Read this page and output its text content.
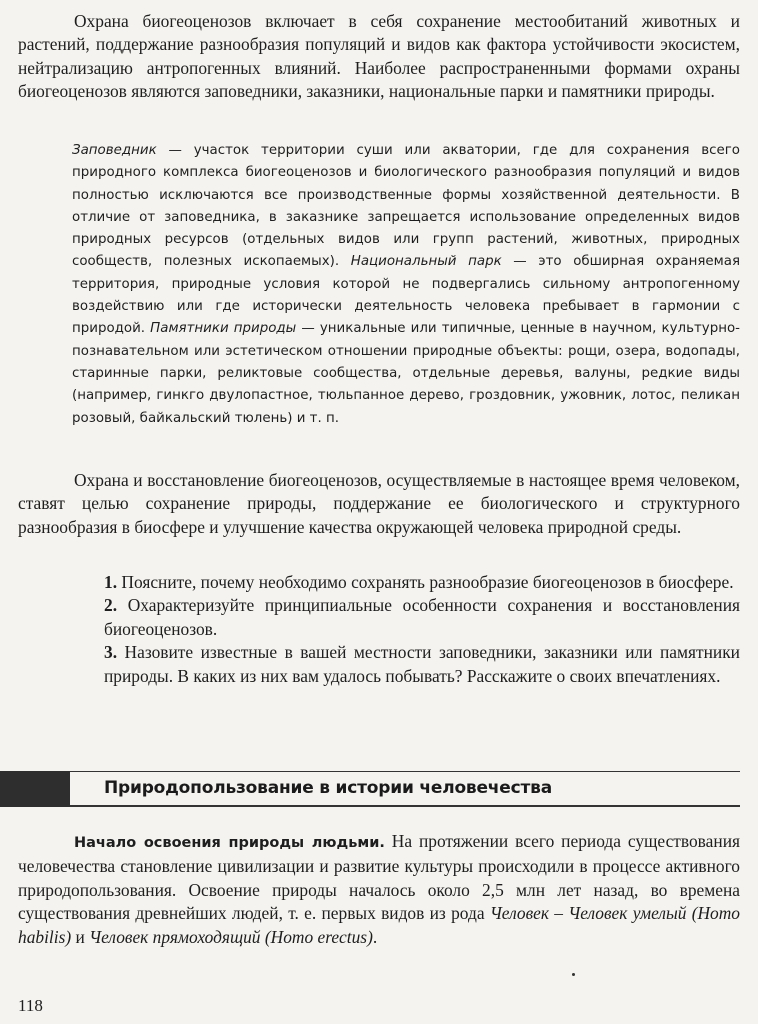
Охрана биогеоценозов включает в себя сохранение местообитаний животных и растений, поддержание разнообразия популяций и видов как фактора устойчивости экосистем, нейтрализацию антропогенных влияний. Наиболее распространенными формами охраны биогеоценозов являются заповедники, заказники, национальные парки и памятники природы.
Заповедник — участок территории суши или акватории, где для сохранения всего природного комплекса биогеоценозов и биологического разнообразия популяций и видов полностью исключаются все производственные формы хозяйственной деятельности. В отличие от заповедника, в заказнике запрещается использование определенных видов природных ресурсов (отдельных видов или групп растений, животных, природных сообществ, полезных ископаемых). Национальный парк — это обширная охраняемая территория, природные условия которой не подвергались сильному антропогенному воздействию или где исторически деятельность человека пребывает в гармонии с природой. Памятники природы — уникальные или типичные, ценные в научном, культурно-познавательном или эстетическом отношении природные объекты: рощи, озера, водопады, старинные парки, реликтовые сообщества, отдельные деревья, валуны, редкие виды (например, гинкго двулопастное, тюльпанное дерево, гроздовник, ужовник, лотос, пеликан розовый, байкальский тюлень) и т. п.
Охрана и восстановление биогеоценозов, осуществляемые в настоящее время человеком, ставят целью сохранение природы, поддержание ее биологического и структурного разнообразия в биосфере и улучшение качества окружающей человека природной среды.

1. Поясните, почему необходимо сохранять разнообразие биогеоценозов в биосфере.

2. Охарактеризуйте принципиальные особенности сохранения и восстановления биогеоценозов.

3. Назовите известные в вашей местности заповедники, заказники или памятники природы. В каких из них вам удалось побывать? Расскажите о своих впечатлениях.

Природопользование в истории человечества
Начало освоения природы людьми. На протяжении всего периода существования человечества становление цивилизации и развитие культуры происходили в процессе активного природопользования. Освоение природы началось около 2,5 млн лет назад, во времена существования древнейших людей, т. е. первых видов из рода Человек – Человек умелый (Homo habilis) и Человек прямоходящий (Homo erectus).
118
